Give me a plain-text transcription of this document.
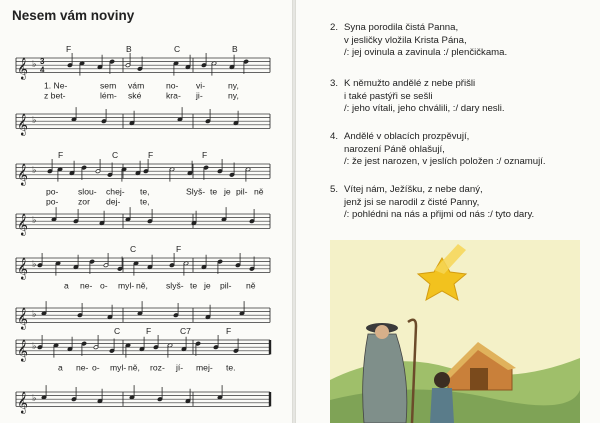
Nesem vám noviny
𝄞
𝄞
♭
♭
3
4
F	B	C	B
1. Ne-	sem vám	no- vi-	ny,
z bet-	lém- ské	kra- ji-	ny,
𝄞
𝄞
♭
♭
F	C	F	F
po- slou- chej- te,	Slyš- te je pil- ně
po- zor dej- te,
𝄞
𝄞
♭
♭
C	F
a ne- o- myl- ně, slyš- te je pil- ně
𝄞
𝄞
♭
♭
C	F	C7	F
a ne- o- myl- ně, roz- jí- mej- te.
2. Syna porodila čistá Panna,
v jesličky vložila Krista Pána,
/: jej ovinula a zavinula :/ plenčičkama.
3. K němužto andělé z nebe přišli
i také pastýři se sešli
/: jeho vítali, jeho chválili, :/ dary nesli.
4. Andělé v oblacích prozpěvují,
narození Páně ohlašují,
/: že jest narozen, v jeslích položen :/ oznamují.
5. Vítej nám, Ježíšku, z nebe daný,
jenž jsi se narodil z čisté Panny,
/: pohlédni na nás a přijmi od nás :/ tyto dary.
